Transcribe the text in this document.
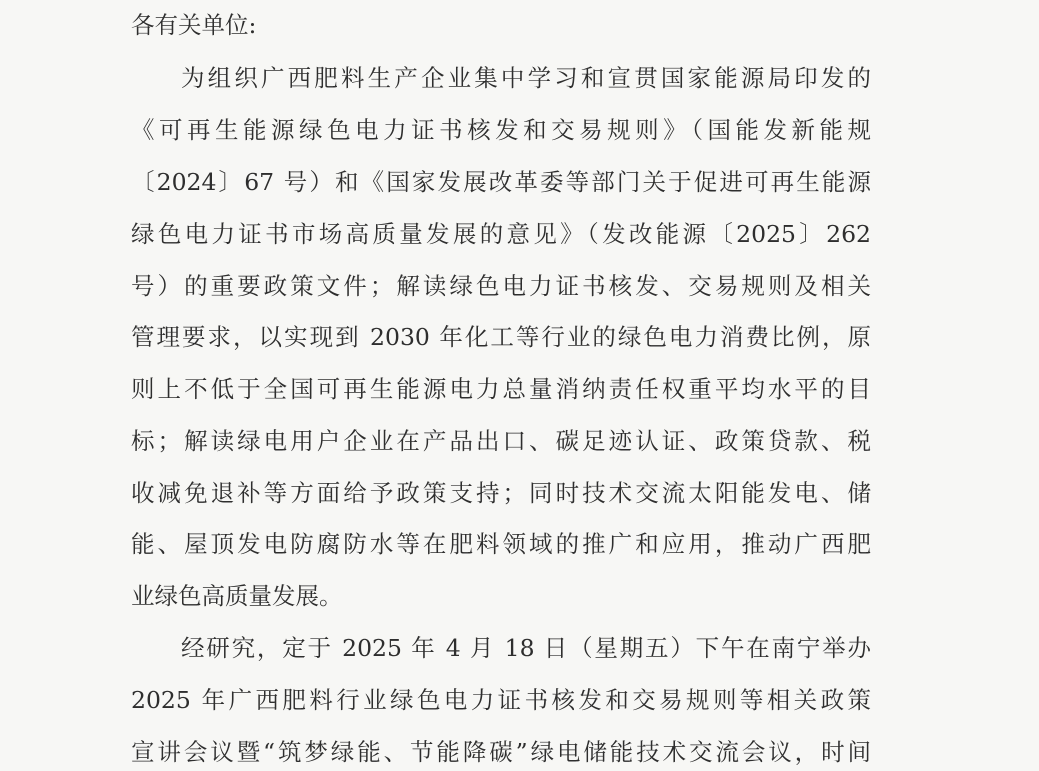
各有关单位:
为组织广西肥料生产企业集中学习和宣贯国家能源局印发的
《可再生能源绿色电力证书核发和交易规则》（国能发新能规
〔2024〕67 号）和《国家发展改革委等部门关于促进可再生能源
绿色电力证书市场高质量发展的意见》（发改能源〔2025〕262
号）的重要政策文件；解读绿色电力证书核发、交易规则及相关
管理要求，以实现到 2030 年化工等行业的绿色电力消费比例，原
则上不低于全国可再生能源电力总量消纳责任权重平均水平的目
标；解读绿电用户企业在产品出口、碳足迹认证、政策贷款、税
收减免退补等方面给予政策支持；同时技术交流太阳能发电、储
能、屋顶发电防腐防水等在肥料领域的推广和应用，推动广西肥
业绿色高质量发展。
经研究，定于 2025 年 4 月 18 日（星期五）下午在南宁举办
2025 年广西肥料行业绿色电力证书核发和交易规则等相关政策
宣讲会议暨“筑梦绿能、节能降碳”绿电储能技术交流会议，时间
